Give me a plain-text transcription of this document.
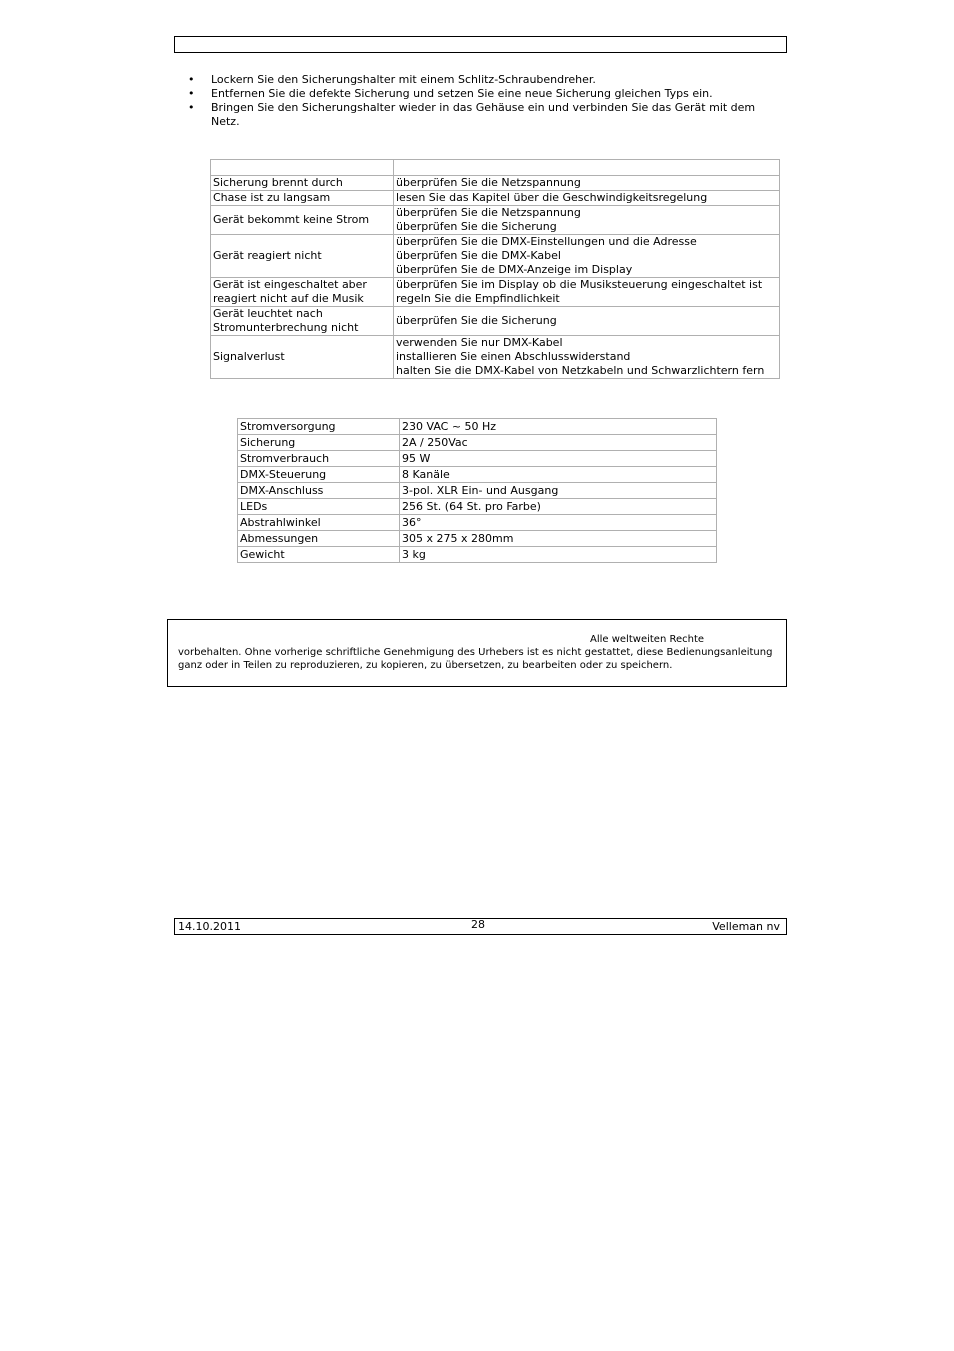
• Lockern Sie den Sicherungshalter mit einem Schlitz-Schraubendreher.
• Entfernen Sie die defekte Sicherung und setzen Sie eine neue Sicherung gleichen Typs ein.
• Bringen Sie den Sicherungshalter wieder in das Gehäuse ein und verbinden Sie das Gerät mit dem Netz.

Sicherung brennt durch	überprüfen Sie die Netzspannung
Chase ist zu langsam	lesen Sie das Kapitel über die Geschwindigkeitsregelung
Gerät bekommt keine Strom	überprüfen Sie die Netzspannung
überprüfen Sie die Sicherung
Gerät reagiert nicht	überprüfen Sie die DMX-Einstellungen und die Adresse
überprüfen Sie die DMX-Kabel
überprüfen Sie de DMX-Anzeige im Display
Gerät ist eingeschaltet aber reagiert nicht auf die Musik	überprüfen Sie im Display ob die Musiksteuerung eingeschaltet ist
regeln Sie die Empfindlichkeit
Gerät leuchtet nach Stromunterbrechung nicht	überprüfen Sie die Sicherung
Signalverlust	verwenden Sie nur DMX-Kabel
installieren Sie einen Abschlusswiderstand
halten Sie die DMX-Kabel von Netzkabeln und Schwarzlichtern fern
Stromversorgung	230 VAC ~ 50 Hz
Sicherung	2A / 250Vac
Stromverbrauch	95 W
DMX-Steuerung	8 Kanäle
DMX-Anschluss	3-pol. XLR Ein- und Ausgang
LEDs	256 St. (64 St. pro Farbe)
Abstrahlwinkel	36°
Abmessungen	305 x 275 x 280mm
Gewicht	3 kg
Alle weltweiten Rechte
vorbehalten. Ohne vorherige schriftliche Genehmigung des Urhebers ist es nicht gestattet, diese Bedienungsanleitung ganz oder in Teilen zu reproduzieren, zu kopieren, zu übersetzen, zu bearbeiten oder zu speichern.
14.10.2011	28	Velleman nv
